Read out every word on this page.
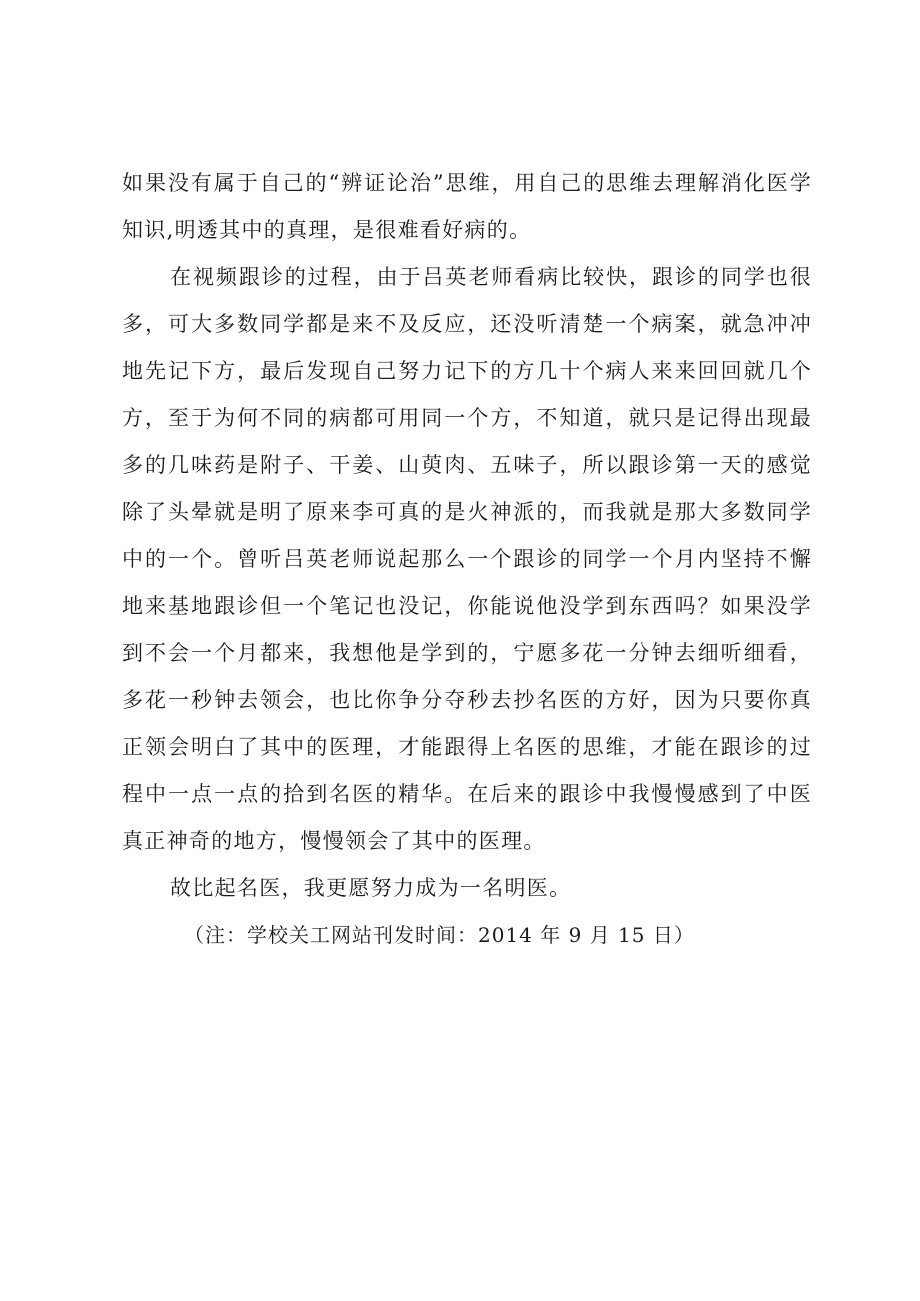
如果没有属于自己的“辨证论治”思维，用自己的思维去理解消化医学知识,明透其中的真理，是很难看好病的。

在视频跟诊的过程，由于吕英老师看病比较快，跟诊的同学也很多，可大多数同学都是来不及反应，还没听清楚一个病案，就急冲冲地先记下方，最后发现自己努力记下的方几十个病人来来回回就几个方，至于为何不同的病都可用同一个方，不知道，就只是记得出现最多的几味药是附子、干姜、山萸肉、五味子，所以跟诊第一天的感觉除了头晕就是明了原来李可真的是火神派的，而我就是那大多数同学中的一个。曾听吕英老师说起那么一个跟诊的同学一个月内坚持不懈地来基地跟诊但一个笔记也没记，你能说他没学到东西吗？如果没学到不会一个月都来，我想他是学到的，宁愿多花一分钟去细听细看，多花一秒钟去领会，也比你争分夺秒去抄名医的方好，因为只要你真正领会明白了其中的医理，才能跟得上名医的思维，才能在跟诊的过程中一点一点的拾到名医的精华。在后来的跟诊中我慢慢感到了中医真正神奇的地方，慢慢领会了其中的医理。

故比起名医，我更愿努力成为一名明医。

（注：学校关工网站刊发时间：2014 年 9 月 15 日）
